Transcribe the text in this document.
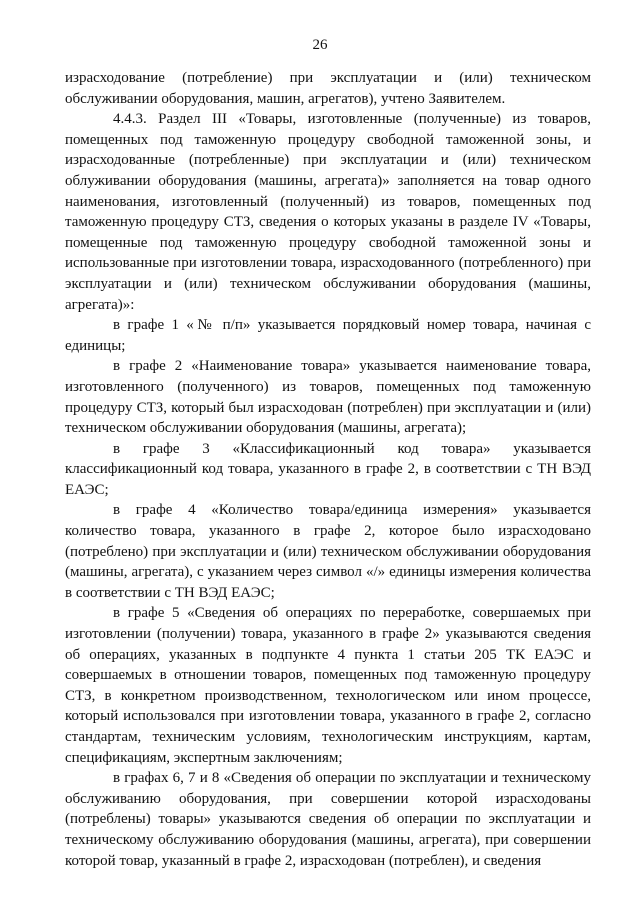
26

израсходование (потребление) при эксплуатации и (или) техническом обслуживании оборудования, машин, агрегатов), учтено Заявителем.

4.4.3. Раздел III «Товары, изготовленные (полученные) из товаров, помещенных под таможенную процедуру свободной таможенной зоны, и израсходованные (потребленные) при эксплуатации и (или) техническом облуживании оборудования (машины, агрегата)» заполняется на товар одного наименования, изготовленный (полученный) из товаров, помещенных под таможенную процедуру СТЗ, сведения о которых указаны в разделе IV «Товары, помещенные под таможенную процедуру свободной таможенной зоны и использованные при изготовлении товара, израсходованного (потребленного) при эксплуатации и (или) техническом обслуживании оборудования (машины, агрегата)»:

в графе 1 «№ п/п» указывается порядковый номер товара, начиная с единицы;

в графе 2 «Наименование товара» указывается наименование товара, изготовленного (полученного) из товаров, помещенных под таможенную процедуру СТЗ, который был израсходован (потреблен) при эксплуатации и (или) техническом обслуживании оборудования (машины, агрегата);

в графе 3 «Классификационный код товара» указывается классификационный код товара, указанного в графе 2, в соответствии с ТН ВЭД ЕАЭС;

в графе 4 «Количество товара/единица измерения» указывается количество товара, указанного в графе 2, которое было израсходовано (потреблено) при эксплуатации и (или) техническом обслуживании оборудования (машины, агрегата), с указанием через символ «/» единицы измерения количества в соответствии с ТН ВЭД ЕАЭС;

в графе 5 «Сведения об операциях по переработке, совершаемых при изготовлении (получении) товара, указанного в графе 2» указываются сведения об операциях, указанных в подпункте 4 пункта 1 статьи 205 ТК ЕАЭС и совершаемых в отношении товаров, помещенных под таможенную процедуру СТЗ, в конкретном производственном, технологическом или ином процессе, который использовался при изготовлении товара, указанного в графе 2, согласно стандартам, техническим условиям, технологическим инструкциям, картам, спецификациям, экспертным заключениям;

в графах 6, 7 и 8 «Сведения об операции по эксплуатации и техническому обслуживанию оборудования, при совершении которой израсходованы (потреблены) товары» указываются сведения об операции по эксплуатации и техническому обслуживанию оборудования (машины, агрегата), при совершении которой товар, указанный в графе 2, израсходован (потреблен), и сведения
